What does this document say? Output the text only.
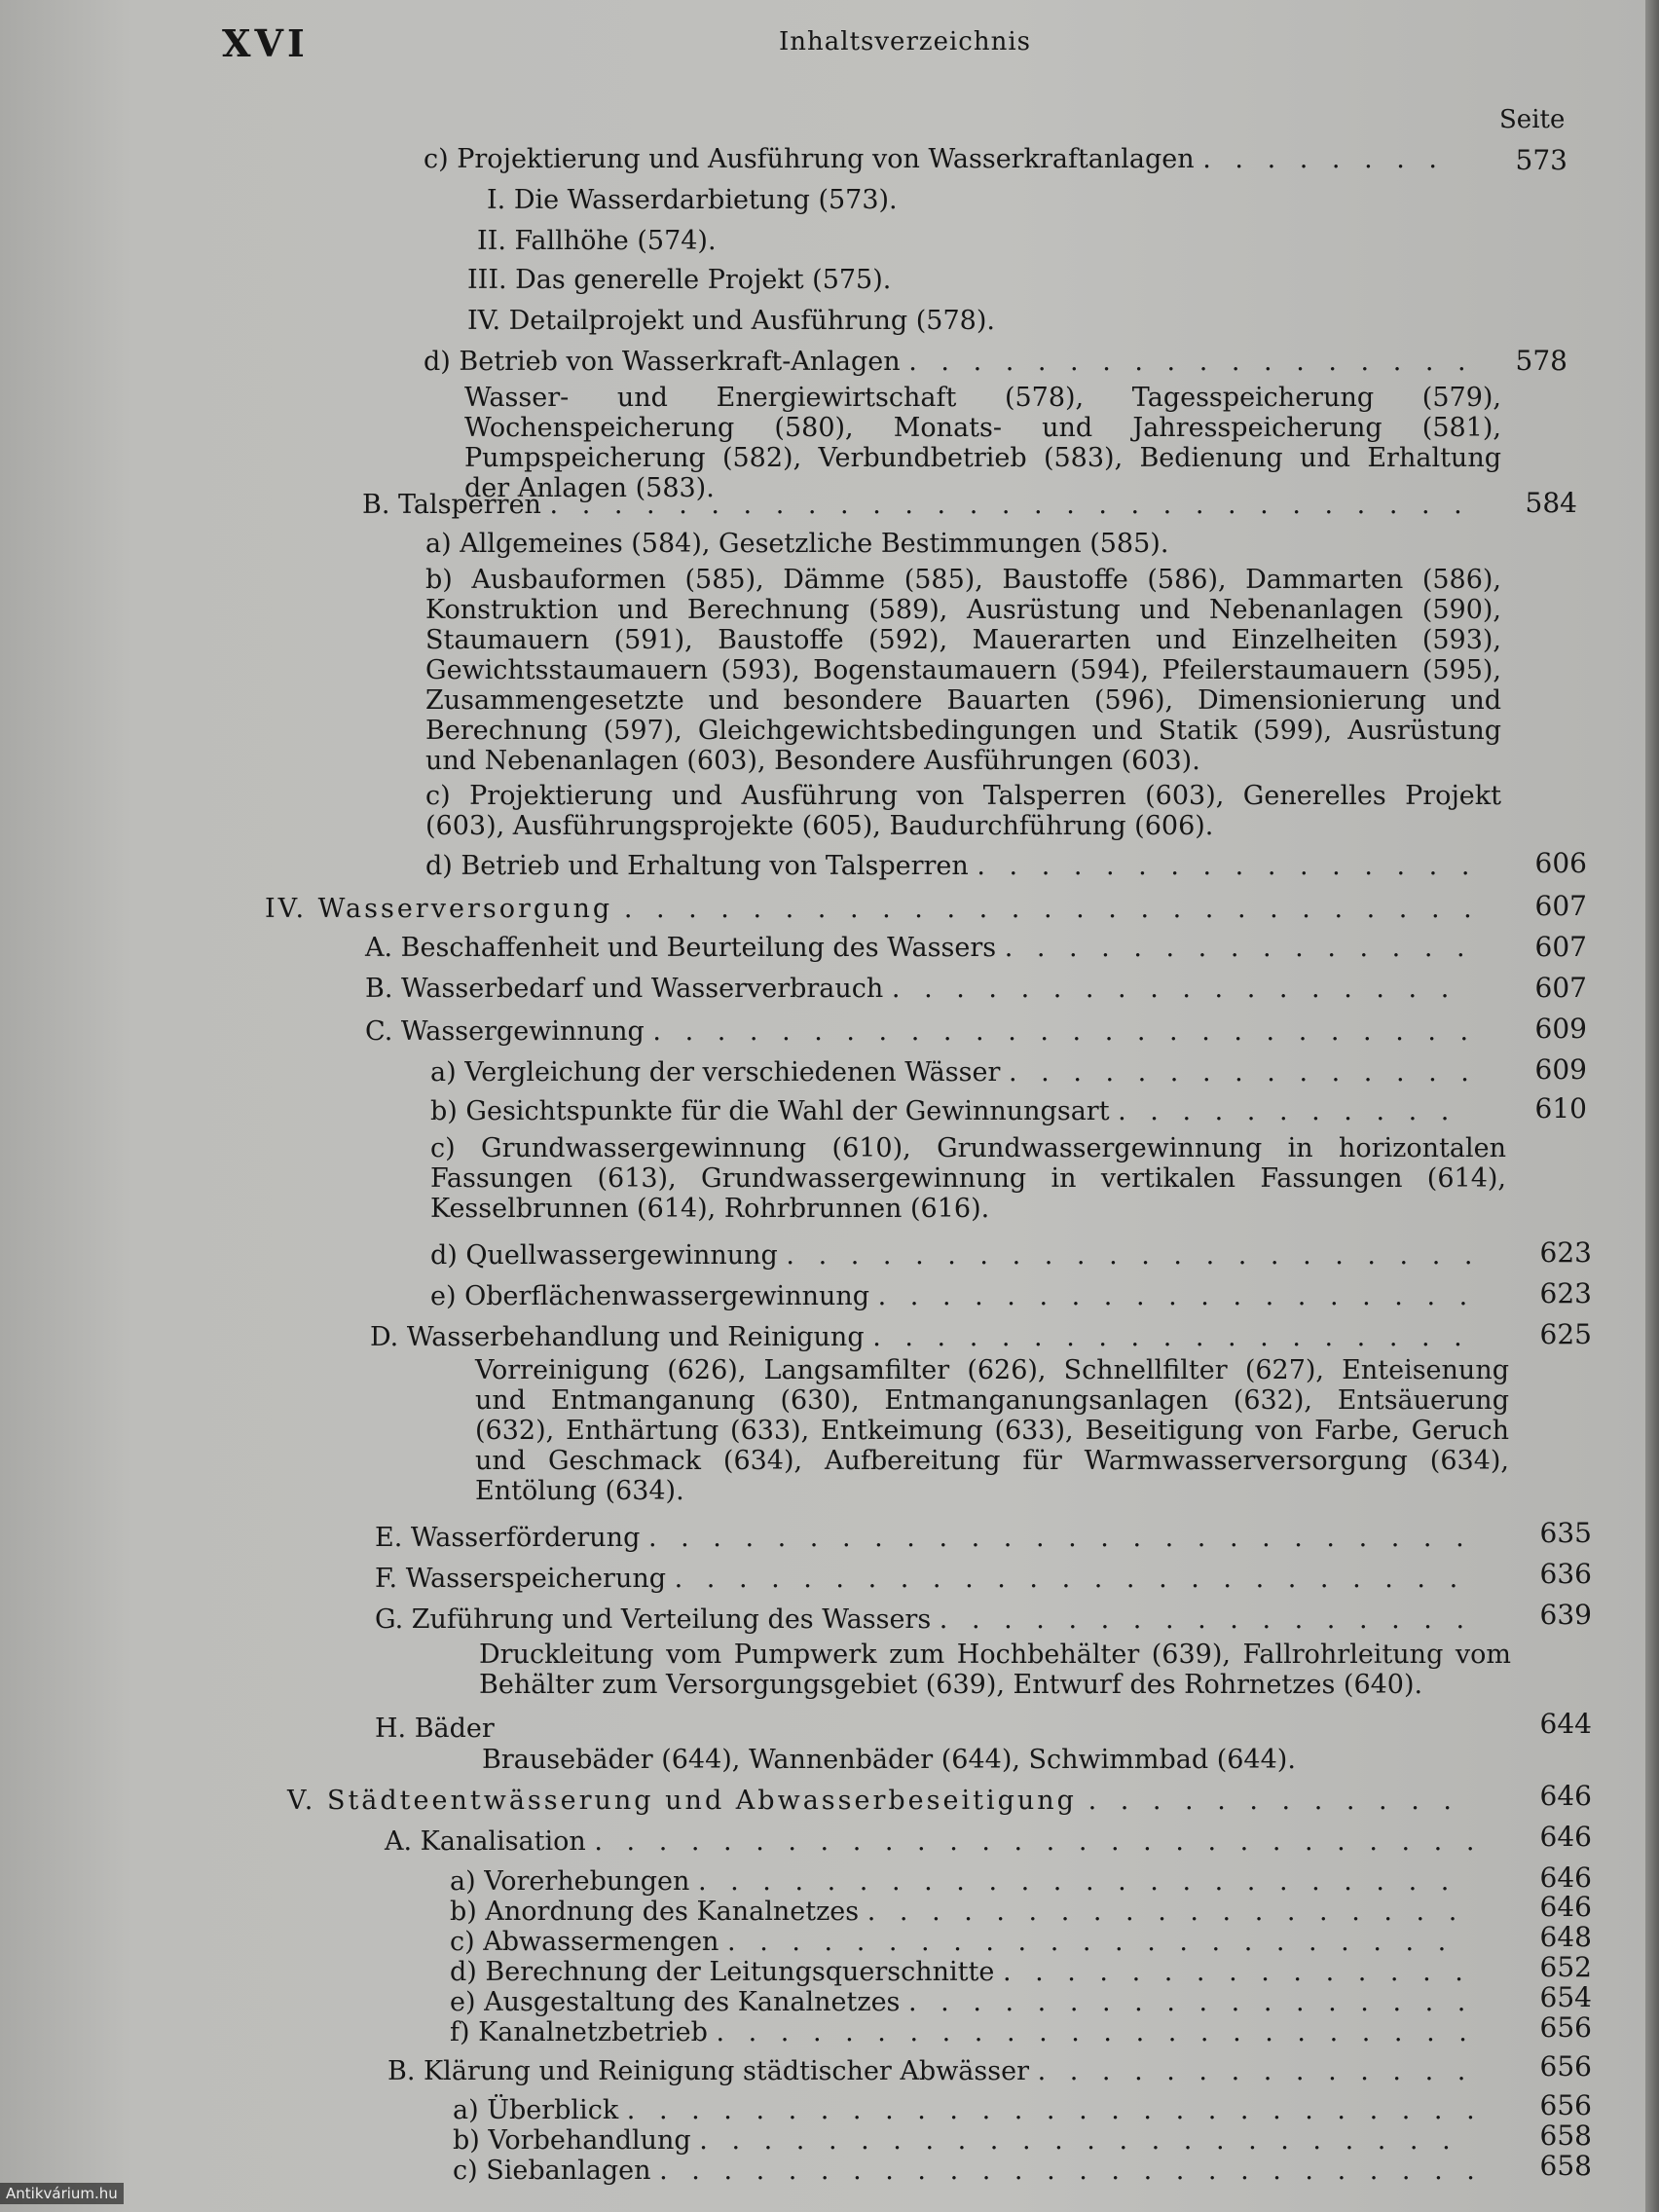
XVI	Inhaltsverzeichnis
Seite
c) Projektierung und Ausführung von Wasserkraftanlagen . . . . . . . .	573
I. Die Wasserdarbietung (573).
II. Fallhöhe (574).
III. Das generelle Projekt (575).
IV. Detailprojekt und Ausführung (578).
d) Betrieb von Wasserkraft-Anlagen . . . . . . . . . . . . . . . . . .	578
Wasser- und Energiewirtschaft (578), Tagesspeicherung (579), Wochenspeicherung (580), Monats- und Jahresspeicherung (581), Pumpspeicherung (582), Verbundbetrieb (583), Bedienung und Erhaltung der Anlagen (583).
B. Talsperren . . . . . . . . . . . . . . . . . . . . . . . . . . . . .	584
a) Allgemeines (584), Gesetzliche Bestimmungen (585).
b) Ausbauformen (585), Dämme (585), Baustoffe (586), Dammarten (586), Konstruktion und Berechnung (589), Ausrüstung und Nebenanlagen (590), Staumauern (591), Baustoffe (592), Mauerarten und Einzelheiten (593), Gewichtsstaumauern (593), Bogenstaumauern (594), Pfeilerstaumauern (595), Zusammengesetzte und besondere Bauarten (596), Dimensionierung und Berechnung (597), Gleichgewichtsbedingungen und Statik (599), Ausrüstung und Nebenanlagen (603), Besondere Ausführungen (603).
c) Projektierung und Ausführung von Talsperren (603), Generelles Projekt (603), Ausführungsprojekte (605), Baudurchführung (606).
d) Betrieb und Erhaltung von Talsperren . . . . . . . . . . . . . . . .	606
IV. Wasserversorgung . . . . . . . . . . . . . . . . . . . . . . . . . . .	607
A. Beschaffenheit und Beurteilung des Wassers . . . . . . . . . . . . . . .	607
B. Wasserbedarf und Wasserverbrauch . . . . . . . . . . . . . . . . . .	607
C. Wassergewinnung . . . . . . . . . . . . . . . . . . . . . . . . . .	609
a) Vergleichung der verschiedenen Wässer . . . . . . . . . . . . . . .	609
b) Gesichtspunkte für die Wahl der Gewinnungsart . . . . . . . . . . .	610
c) Grundwassergewinnung (610), Grundwassergewinnung in horizontalen Fassungen (613), Grundwassergewinnung in vertikalen Fassungen (614), Kesselbrunnen (614), Rohrbrunnen (616).
d) Quellwassergewinnung . . . . . . . . . . . . . . . . . . . . . .	623
e) Oberflächenwassergewinnung . . . . . . . . . . . . . . . . . . .	623
D. Wasserbehandlung und Reinigung . . . . . . . . . . . . . . . . . . .	625
Vorreinigung (626), Langsamfilter (626), Schnellfilter (627), Enteisenung und Entmanganung (630), Entmanganungsanlagen (632), Entsäuerung (632), Enthärtung (633), Entkeimung (633), Beseitigung von Farbe, Geruch und Geschmack (634), Aufbereitung für Warmwasserversorgung (634), Entölung (634).
E. Wasserförderung . . . . . . . . . . . . . . . . . . . . . . . . . .	635
F. Wasserspeicherung . . . . . . . . . . . . . . . . . . . . . . . . .	636
G. Zuführung und Verteilung des Wassers . . . . . . . . . . . . . . . . .	639
Druckleitung vom Pumpwerk zum Hochbehälter (639), Fallrohrleitung vom Behälter zum Versorgungsgebiet (639), Entwurf des Rohrnetzes (640).
H. Bäder	644
Brausebäder (644), Wannenbäder (644), Schwimmbad (644).
V. Städteentwässerung und Abwasserbeseitigung . . . . . . . . . . . .	646
A. Kanalisation . . . . . . . . . . . . . . . . . . . . . . . . . . . .	646
a) Vorerhebungen . . . . . . . . . . . . . . . . . . . . . . . .	646
b) Anordnung des Kanalnetzes . . . . . . . . . . . . . . . . . . .	646
c) Abwassermengen . . . . . . . . . . . . . . . . . . . . . . .	648
d) Berechnung der Leitungsquerschnitte . . . . . . . . . . . . . . .	652
e) Ausgestaltung des Kanalnetzes . . . . . . . . . . . . . . . . . .	654
f) Kanalnetzbetrieb . . . . . . . . . . . . . . . . . . . . . . . .	656
B. Klärung und Reinigung städtischer Abwässer . . . . . . . . . . . . . .	656
a) Überblick . . . . . . . . . . . . . . . . . . . . . . . . . . .	656
b) Vorbehandlung . . . . . . . . . . . . . . . . . . . . . . . .	658
c) Siebanlagen . . . . . . . . . . . . . . . . . . . . . . . . . .	658
Antikvárium.hu
